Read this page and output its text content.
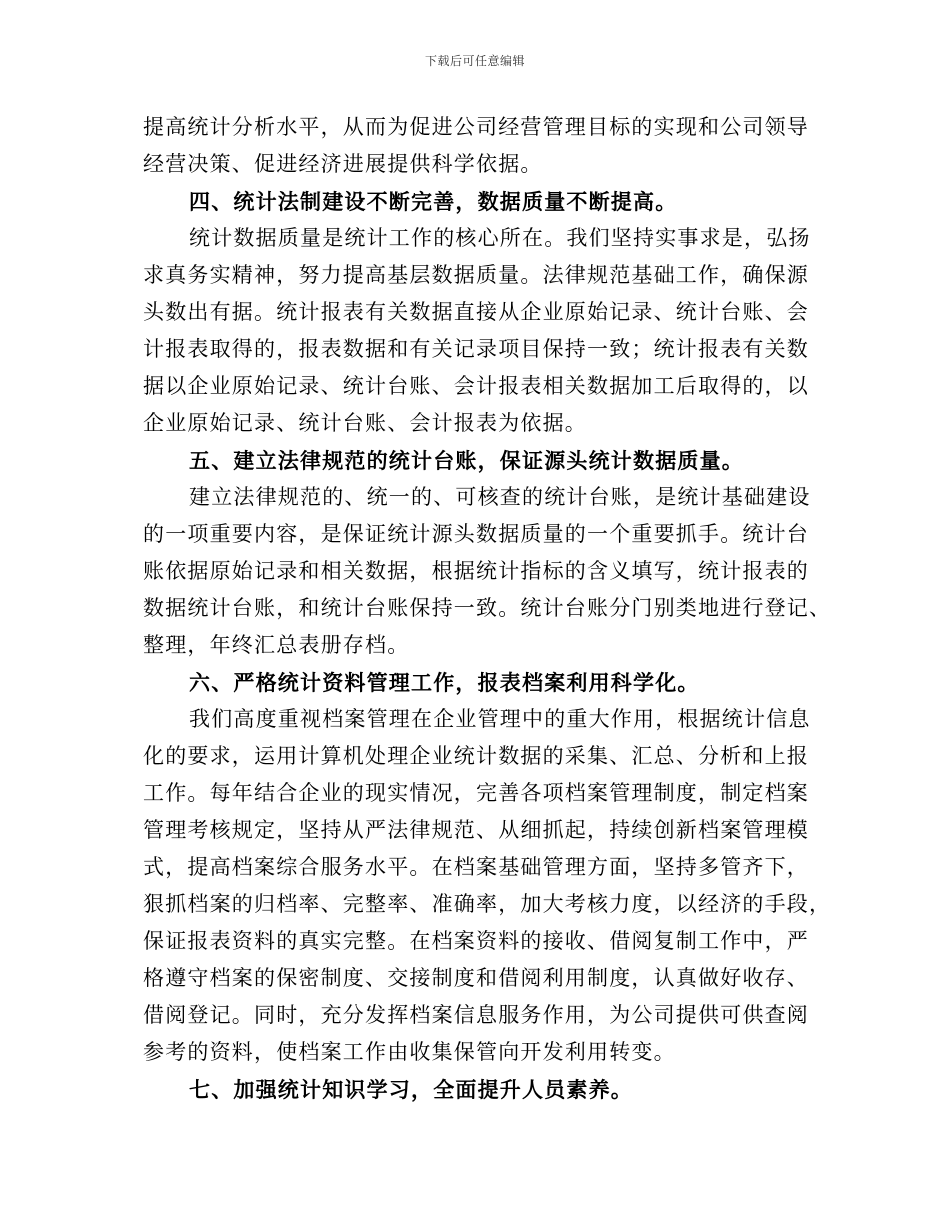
下载后可任意编辑
提高统计分析水平，从而为促进公司经营管理目标的实现和公司领导
经营决策、促进经济进展提供科学依据。
四、统计法制建设不断完善，数据质量不断提高。
统计数据质量是统计工作的核心所在。我们坚持实事求是，弘扬
求真务实精神，努力提高基层数据质量。法律规范基础工作，确保源
头数出有据。统计报表有关数据直接从企业原始记录、统计台账、会
计报表取得的，报表数据和有关记录项目保持一致；统计报表有关数
据以企业原始记录、统计台账、会计报表相关数据加工后取得的，以
企业原始记录、统计台账、会计报表为依据。
五、建立法律规范的统计台账，保证源头统计数据质量。
建立法律规范的、统一的、可核查的统计台账，是统计基础建设
的一项重要内容，是保证统计源头数据质量的一个重要抓手。统计台
账依据原始记录和相关数据，根据统计指标的含义填写，统计报表的
数据统计台账，和统计台账保持一致。统计台账分门别类地进行登记、
整理，年终汇总表册存档。
六、严格统计资料管理工作，报表档案利用科学化。
我们高度重视档案管理在企业管理中的重大作用，根据统计信息
化的要求，运用计算机处理企业统计数据的采集、汇总、分析和上报
工作。每年结合企业的现实情况，完善各项档案管理制度，制定档案
管理考核规定，坚持从严法律规范、从细抓起，持续创新档案管理模
式，提高档案综合服务水平。在档案基础管理方面，坚持多管齐下，
狠抓档案的归档率、完整率、准确率，加大考核力度，以经济的手段，
保证报表资料的真实完整。在档案资料的接收、借阅复制工作中，严
格遵守档案的保密制度、交接制度和借阅利用制度，认真做好收存、
借阅登记。同时，充分发挥档案信息服务作用，为公司提供可供查阅
参考的资料，使档案工作由收集保管向开发利用转变。
七、加强统计知识学习，全面提升人员素养。
